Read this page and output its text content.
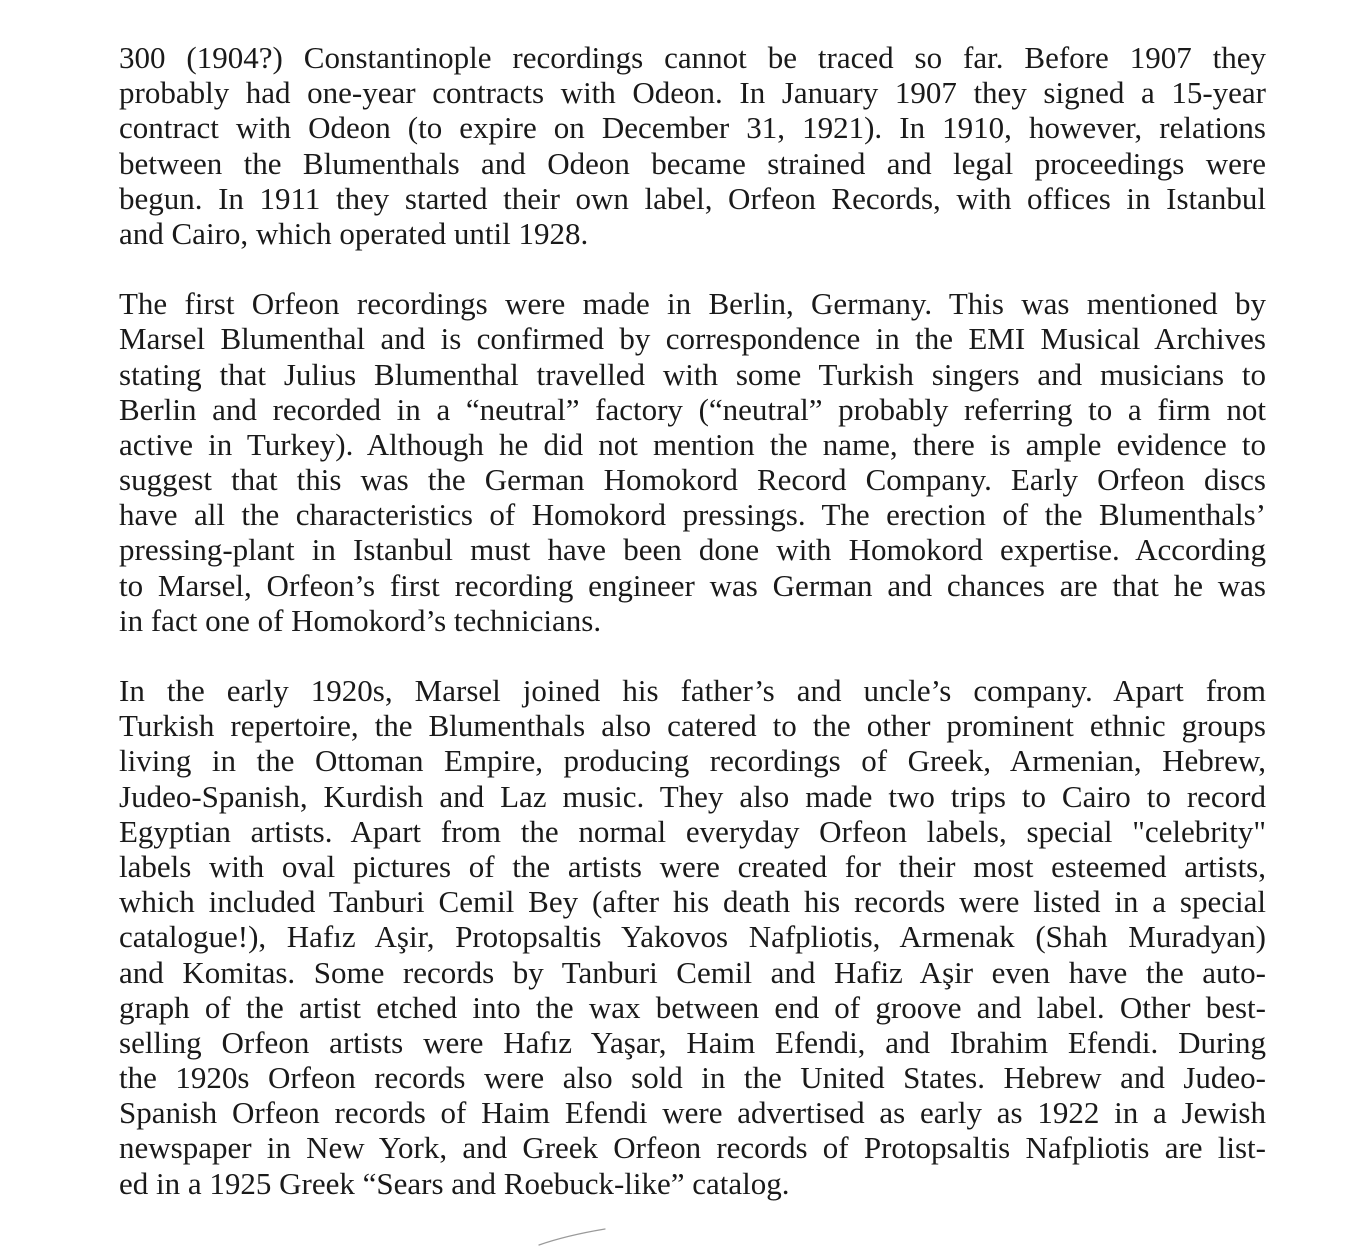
300 (1904?) Constantinople recordings cannot be traced so far. Before 1907 they
probably had one-year contracts with Odeon. In January 1907 they signed a 15-year
contract with Odeon (to expire on December 31, 1921). In 1910, however, relations
between the Blumenthals and Odeon became strained and legal proceedings were
begun. In 1911 they started their own label, Orfeon Records, with offices in Istanbul
and Cairo, which operated until 1928.

The first Orfeon recordings were made in Berlin, Germany. This was mentioned by
Marsel Blumenthal and is confirmed by correspondence in the EMI Musical Archives
stating that Julius Blumenthal travelled with some Turkish singers and musicians to
Berlin and recorded in a “neutral” factory (“neutral” probably referring to a firm not
active in Turkey). Although he did not mention the name, there is ample evidence to
suggest that this was the German Homokord Record Company. Early Orfeon discs
have all the characteristics of Homokord pressings. The erection of the Blumenthals’
pressing-plant in Istanbul must have been done with Homokord expertise. According
to Marsel, Orfeon’s first recording engineer was German and chances are that he was
in fact one of Homokord’s technicians.

In the early 1920s, Marsel joined his father’s and uncle’s company. Apart from
Turkish repertoire, the Blumenthals also catered to the other prominent ethnic groups
living in the Ottoman Empire, producing recordings of Greek, Armenian, Hebrew,
Judeo-Spanish, Kurdish and Laz music. They also made two trips to Cairo to record
Egyptian artists. Apart from the normal everyday Orfeon labels, special "celebrity"
labels with oval pictures of the artists were created for their most esteemed artists,
which included Tanburi Cemil Bey (after his death his records were listed in a special
catalogue!), Hafız Aşir, Protopsaltis Yakovos Nafpliotis, Armenak (Shah Muradyan)
and Komitas. Some records by Tanburi Cemil and Hafiz Aşir even have the auto-
graph of the artist etched into the wax between end of groove and label. Other best-
selling Orfeon artists were Hafız Yaşar, Haim Efendi, and Ibrahim Efendi. During
the 1920s Orfeon records were also sold in the United States. Hebrew and Judeo-
Spanish Orfeon records of Haim Efendi were advertised as early as 1922 in a Jewish
newspaper in New York, and Greek Orfeon records of Protopsaltis Nafpliotis are list-
ed in a 1925 Greek “Sears and Roebuck-like” catalog.
